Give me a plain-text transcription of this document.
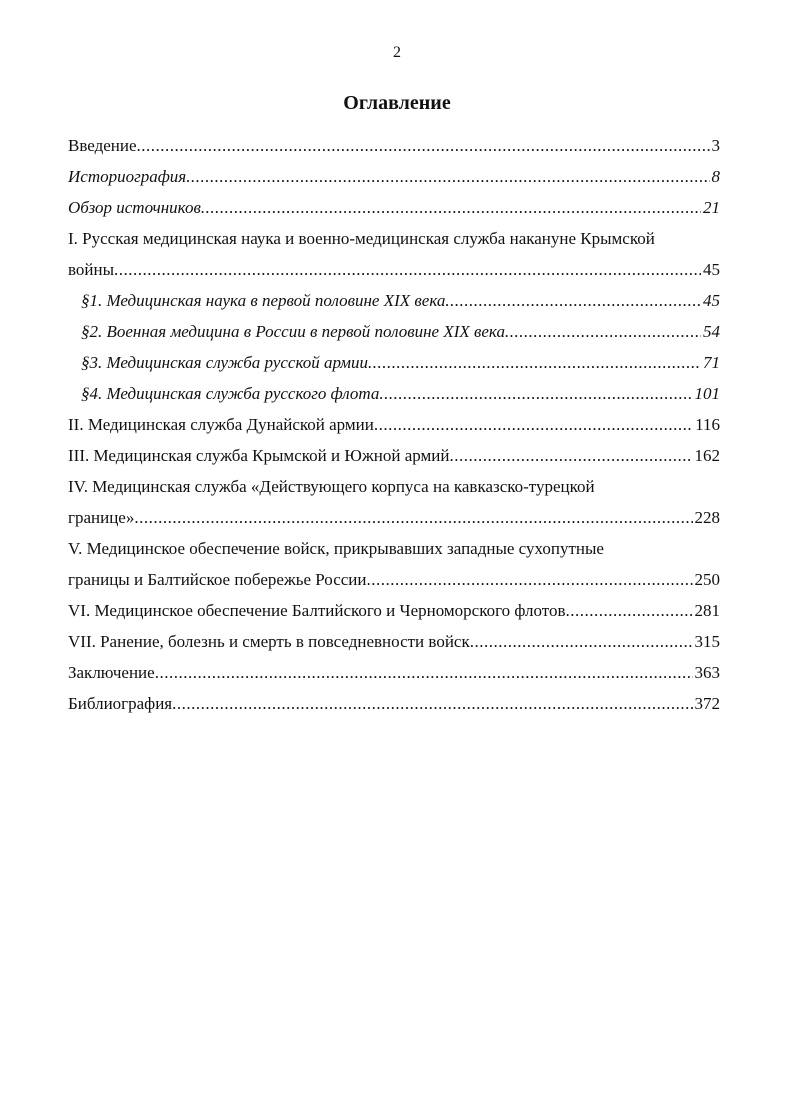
2
Оглавление
Введение .....	3
Историография .....	8
Обзор источников .....	21
I. Русская медицинская наука и военно-медицинская служба накануне Крымской
войны .....	45
§1. Медицинская наука в первой половине XIX века .....	45
§2. Военная медицина в России в первой половине XIX века .....	54
§3. Медицинская служба русской армии .....	71
§4. Медицинская служба русского флота .....	101
II. Медицинская служба Дунайской армии .....	116
III. Медицинская служба Крымской и Южной армий .....	162
IV. Медицинская служба «Действующего корпуса на кавказско-турецкой
границе» .....	228
V. Медицинское обеспечение войск, прикрывавших западные сухопутные
границы и Балтийское побережье России .....	250
VI. Медицинское обеспечение Балтийского и Черноморского флотов .....	281
VII. Ранение, болезнь и смерть в повседневности войск .....	315
Заключение .....	363
Библиография .....	372
